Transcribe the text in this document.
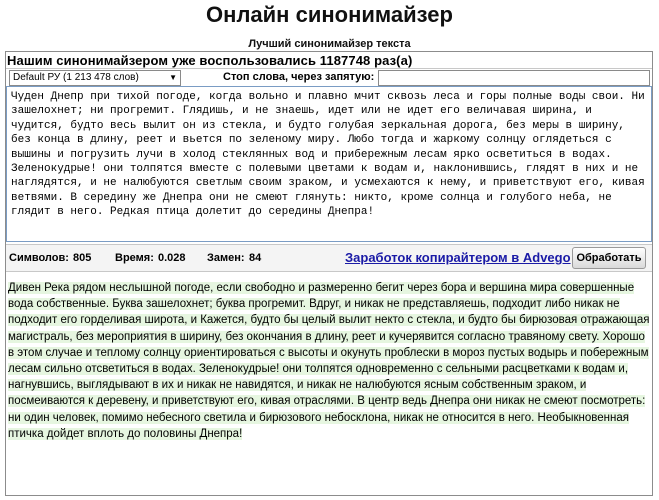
Онлайн синонимайзер
Лучший синонимайзер текста
Нашим синонимайзером уже воспользовались 1187748 раз(а)
Default РУ (1 213 478 слов)	▼	Стоп слова, через запятую:
Чуден Днепр при тихой погоде, когда вольно и плавно мчит сквозь леса и горы полные воды свои. Ни зашелохнет; ни прогремит. Глядишь, и не знаешь, идет или не идет его величавая ширина, и чудится, будто весь вылит он из стекла, и будто голубая зеркальная дорога, без меры в ширину, без конца в длину, реет и вьется по зеленому миру. Любо тогда и жаркому солнцу оглядеться с вышины и погрузить лучи в холод стеклянных вод и прибережным лесам ярко осветиться в водах. Зеленокудрые! они толпятся вместе с полевыми цветами к водам и, наклонившись, глядят в них и не наглядятся, и не налюбуются светлым своим зраком, и усмехаются к нему, и приветствуют его, кивая ветвями. В середину же Днепра они не смеют глянуть: никто, кроме солнца и голубого неба, не глядит в него. Редкая птица долетит до середины Днепра!
Символов: 805 Время: 0.028 Замен: 84	Заработок копирайтером в Advego Обработать
Дивен Река рядом неслышной погоде, если свободно и размеренно бегит через бора и вершина мира совершенные вода собственные. Буква зашелохнет; буква прогремит. Вдруг, и никак не представляешь, подходит либо никак не подходит его горделивая широта, и Кажется, будто бы целый вылит некто с стекла, и будто бы бирюзовая отражающая магистраль, без мероприятия в ширину, без окончания в длину, реет и кучерявится согласно травяному свету. Хорошо в этом случае и теплому солнцу ориентироваться с высоты и окунуть проблески в мороз пустых водырь и побережным лесам сильно отсветиться в водах. Зеленокудрые! они толпятся одновременно с сельными расцветками к водам и, нагнувшись, выглядывают в их и никак не навидятся, и никак не налюбуются ясным собственным зраком, и посмеиваются к деревену, и приветствуют его, кивая отраслями. В центр ведь Днепра они никак не смеют посмотреть: ни один человек, помимо небесного светила и бирюзового небосклона, никак не относится в него. Необыкновенная птичка дойдет вплоть до половины Днепра!
